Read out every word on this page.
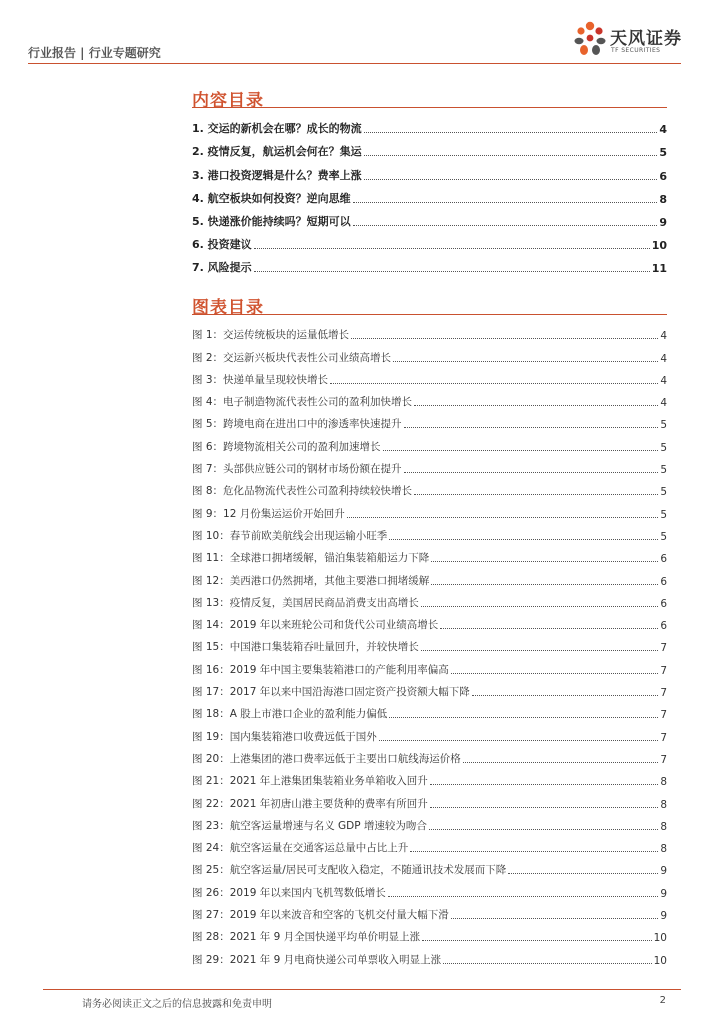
行业报告 | 行业专题研究
天风证券
TF SECURITIES
内容目录
1. 交运的新机会在哪？成长的物流	4
2. 疫情反复，航运机会何在？集运	5
3. 港口投资逻辑是什么？费率上涨	6
4. 航空板块如何投资？逆向思维	8
5. 快递涨价能持续吗？短期可以	9
6. 投资建议	10
7. 风险提示	11
图表目录
图 1：交运传统板块的运量低增长	4
图 2：交运新兴板块代表性公司业绩高增长	4
图 3：快递单量呈现较快增长	4
图 4：电子制造物流代表性公司的盈利加快增长	4
图 5：跨境电商在进出口中的渗透率快速提升	5
图 6：跨境物流相关公司的盈利加速增长	5
图 7：头部供应链公司的钢材市场份额在提升	5
图 8：危化品物流代表性公司盈利持续较快增长	5
图 9：12 月份集运运价开始回升	5
图 10：春节前欧美航线会出现运输小旺季	5
图 11：全球港口拥堵缓解，锚泊集装箱船运力下降	6
图 12：美西港口仍然拥堵，其他主要港口拥堵缓解	6
图 13：疫情反复，美国居民商品消费支出高增长	6
图 14：2019 年以来班轮公司和货代公司业绩高增长	6
图 15：中国港口集装箱吞吐量回升，并较快增长	7
图 16：2019 年中国主要集装箱港口的产能利用率偏高	7
图 17：2017 年以来中国沿海港口固定资产投资额大幅下降	7
图 18：A 股上市港口企业的盈利能力偏低	7
图 19：国内集装箱港口收费远低于国外	7
图 20：上港集团的港口费率远低于主要出口航线海运价格	7
图 21：2021 年上港集团集装箱业务单箱收入回升	8
图 22：2021 年初唐山港主要货种的费率有所回升	8
图 23：航空客运量增速与名义 GDP 增速较为吻合	8
图 24：航空客运量在交通客运总量中占比上升	8
图 25：航空客运量/居民可支配收入稳定，不随通讯技术发展而下降	9
图 26：2019 年以来国内飞机驾数低增长	9
图 27：2019 年以来波音和空客的飞机交付量大幅下滑	9
图 28：2021 年 9 月全国快递平均单价明显上涨	10
图 29：2021 年 9 月电商快递公司单票收入明显上涨	10
请务必阅读正文之后的信息披露和免责申明	2
